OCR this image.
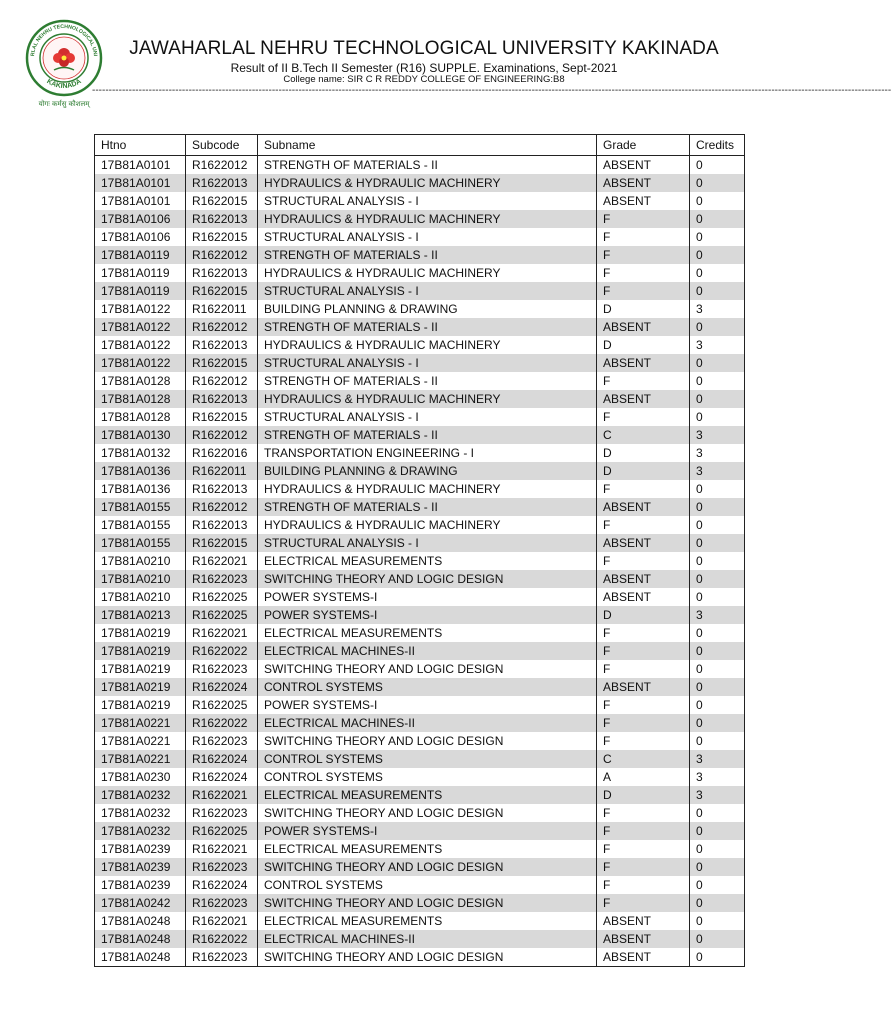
RLAL NEHRU TECHNOLOGICAL UNI
KAKINADA
योगः कर्मसु कौशलम्
JAWAHARLAL NEHRU TECHNOLOGICAL UNIVERSITY KAKINADA
Result of II B.Tech II Semester (R16) SUPPLE. Examinations, Sept-2021
College name: SIR C R REDDY COLLEGE OF ENGINEERING:B8
------------------------------------------------------------------------------------------------------------------------------------------------------------------------------------------------------------------------------------------------
Htno	Subcode	Subname	Grade	Credits
17B81A0101	R1622012	STRENGTH OF MATERIALS - II	ABSENT	0
17B81A0101	R1622013	HYDRAULICS & HYDRAULIC MACHINERY	ABSENT	0
17B81A0101	R1622015	STRUCTURAL ANALYSIS - I	ABSENT	0
17B81A0106	R1622013	HYDRAULICS & HYDRAULIC MACHINERY	F	0
17B81A0106	R1622015	STRUCTURAL ANALYSIS - I	F	0
17B81A0119	R1622012	STRENGTH OF MATERIALS - II	F	0
17B81A0119	R1622013	HYDRAULICS & HYDRAULIC MACHINERY	F	0
17B81A0119	R1622015	STRUCTURAL ANALYSIS - I	F	0
17B81A0122	R1622011	BUILDING PLANNING & DRAWING	D	3
17B81A0122	R1622012	STRENGTH OF MATERIALS - II	ABSENT	0
17B81A0122	R1622013	HYDRAULICS & HYDRAULIC MACHINERY	D	3
17B81A0122	R1622015	STRUCTURAL ANALYSIS - I	ABSENT	0
17B81A0128	R1622012	STRENGTH OF MATERIALS - II	F	0
17B81A0128	R1622013	HYDRAULICS & HYDRAULIC MACHINERY	ABSENT	0
17B81A0128	R1622015	STRUCTURAL ANALYSIS - I	F	0
17B81A0130	R1622012	STRENGTH OF MATERIALS - II	C	3
17B81A0132	R1622016	TRANSPORTATION ENGINEERING - I	D	3
17B81A0136	R1622011	BUILDING PLANNING & DRAWING	D	3
17B81A0136	R1622013	HYDRAULICS & HYDRAULIC MACHINERY	F	0
17B81A0155	R1622012	STRENGTH OF MATERIALS - II	ABSENT	0
17B81A0155	R1622013	HYDRAULICS & HYDRAULIC MACHINERY	F	0
17B81A0155	R1622015	STRUCTURAL ANALYSIS - I	ABSENT	0
17B81A0210	R1622021	ELECTRICAL MEASUREMENTS	F	0
17B81A0210	R1622023	SWITCHING THEORY AND LOGIC DESIGN	ABSENT	0
17B81A0210	R1622025	POWER SYSTEMS-I	ABSENT	0
17B81A0213	R1622025	POWER SYSTEMS-I	D	3
17B81A0219	R1622021	ELECTRICAL MEASUREMENTS	F	0
17B81A0219	R1622022	ELECTRICAL MACHINES-II	F	0
17B81A0219	R1622023	SWITCHING THEORY AND LOGIC DESIGN	F	0
17B81A0219	R1622024	CONTROL SYSTEMS	ABSENT	0
17B81A0219	R1622025	POWER SYSTEMS-I	F	0
17B81A0221	R1622022	ELECTRICAL MACHINES-II	F	0
17B81A0221	R1622023	SWITCHING THEORY AND LOGIC DESIGN	F	0
17B81A0221	R1622024	CONTROL SYSTEMS	C	3
17B81A0230	R1622024	CONTROL SYSTEMS	A	3
17B81A0232	R1622021	ELECTRICAL MEASUREMENTS	D	3
17B81A0232	R1622023	SWITCHING THEORY AND LOGIC DESIGN	F	0
17B81A0232	R1622025	POWER SYSTEMS-I	F	0
17B81A0239	R1622021	ELECTRICAL MEASUREMENTS	F	0
17B81A0239	R1622023	SWITCHING THEORY AND LOGIC DESIGN	F	0
17B81A0239	R1622024	CONTROL SYSTEMS	F	0
17B81A0242	R1622023	SWITCHING THEORY AND LOGIC DESIGN	F	0
17B81A0248	R1622021	ELECTRICAL MEASUREMENTS	ABSENT	0
17B81A0248	R1622022	ELECTRICAL MACHINES-II	ABSENT	0
17B81A0248	R1622023	SWITCHING THEORY AND LOGIC DESIGN	ABSENT	0
